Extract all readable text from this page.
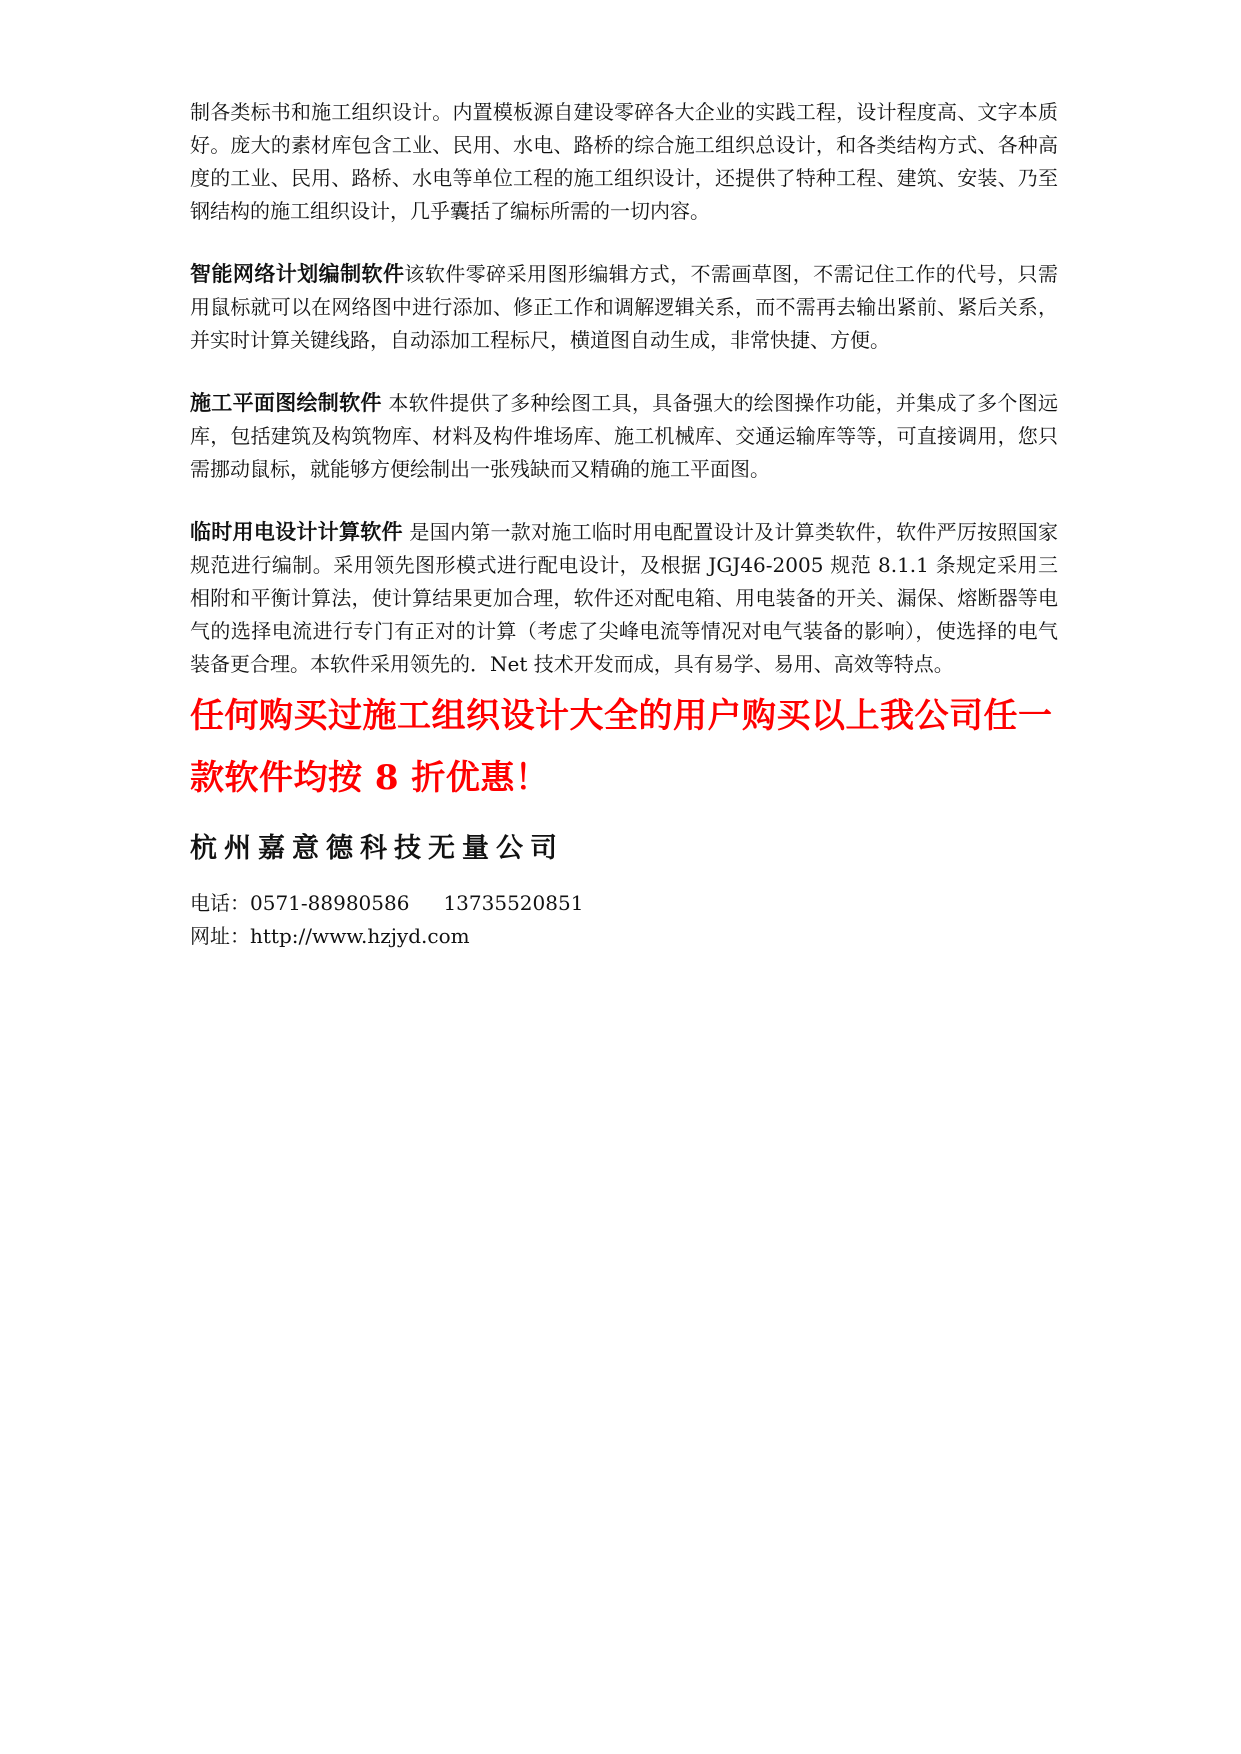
制各类标书和施工组织设计。内置模板源自建设零碎各大企业的实践工程，设计程度高、文字本质好。庞大的素材库包含工业、民用、水电、路桥的综合施工组织总设计，和各类结构方式、各种高度的工业、民用、路桥、水电等单位工程的施工组织设计，还提供了特种工程、建筑、安装、乃至钢结构的施工组织设计，几乎囊括了编标所需的一切内容。

智能网络计划编制软件该软件零碎采用图形编辑方式，不需画草图，不需记住工作的代号，只需用鼠标就可以在网络图中进行添加、修正工作和调解逻辑关系，而不需再去输出紧前、紧后关系，并实时计算关键线路，自动添加工程标尺，横道图自动生成，非常快捷、方便。

施工平面图绘制软件 本软件提供了多种绘图工具，具备强大的绘图操作功能，并集成了多个图远库，包括建筑及构筑物库、材料及构件堆场库、施工机械库、交通运输库等等，可直接调用，您只需挪动鼠标，就能够方便绘制出一张残缺而又精确的施工平面图。

临时用电设计计算软件 是国内第一款对施工临时用电配置设计及计算类软件，软件严厉按照国家规范进行编制。采用领先图形模式进行配电设计，及根据 JGJ46-2005 规范 8.1.1 条规定采用三相附和平衡计算法，使计算结果更加合理，软件还对配电箱、用电装备的开关、漏保、熔断器等电气的选择电流进行专门有正对的计算（考虑了尖峰电流等情况对电气装备的影响），使选择的电气装备更合理。本软件采用领先的．Net 技术开发而成，具有易学、易用、高效等特点。

任何购买过施工组织设计大全的用户购买以上我公司任一款软件均按 8 折优惠！
杭州嘉意德科技无量公司
电话：0571-88980586 13735520851
网址：http://www.hzjyd.com
